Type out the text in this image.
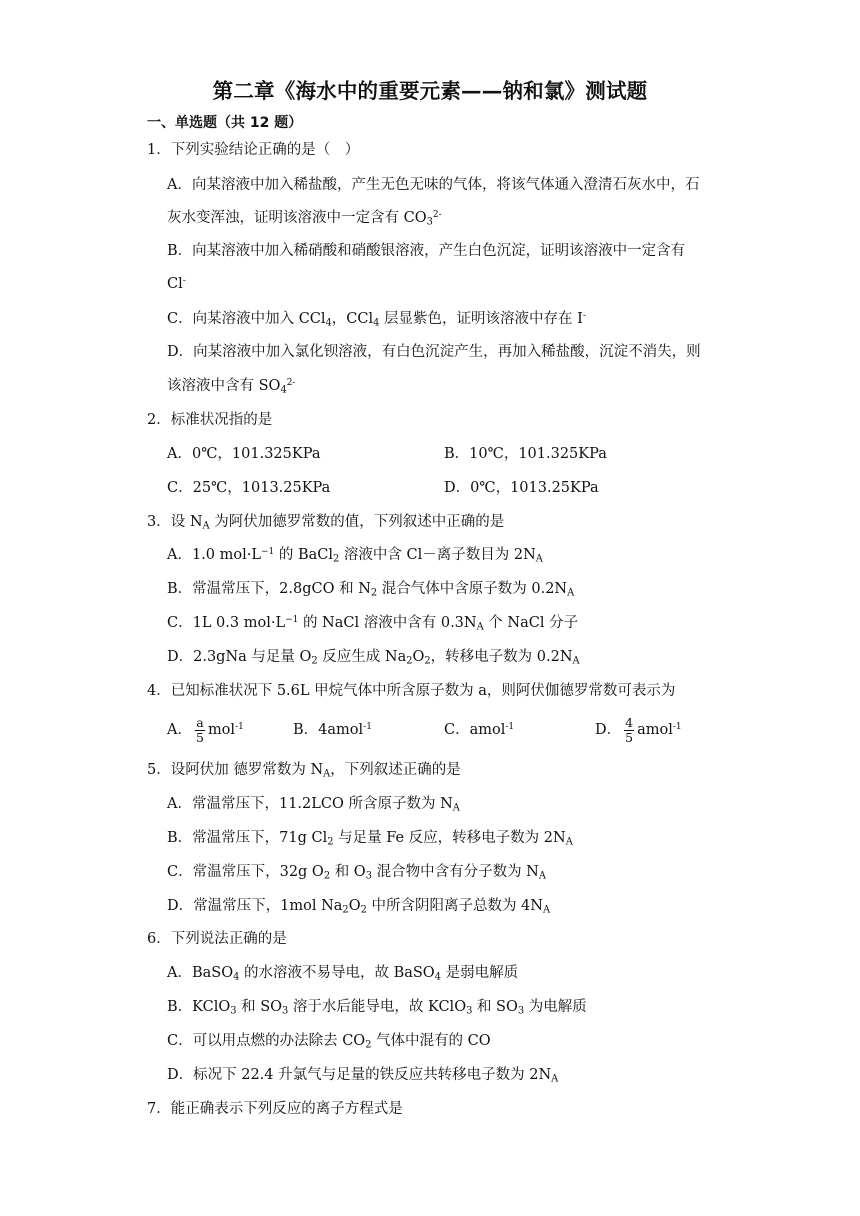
第二章《海水中的重要元素——钠和氯》测试题
一、单选题（共 12 题）
1．下列实验结论正确的是（　）
A．向某溶液中加入稀盐酸，产生无色无味的气体，将该气体通入澄清石灰水中，石
灰水变浑浊，证明该溶液中一定含有 $CO_3^{2-}$
B．向某溶液中加入稀硝酸和硝酸银溶液，产生白色沉淀，证明该溶液中一定含有
Cl-
C．向某溶液中加入 CCl$_4$，CCl$_4$ 层显紫色，证明该溶液中存在 I-
D．向某溶液中加入氯化钡溶液，有白色沉淀产生，再加入稀盐酸，沉淀不消失，则
该溶液中含有 $SO_4^{2-}$
2．标准状况指的是
A．0℃，101.325KPa	B．10℃，101.325KPa
C．25℃，1013.25KPa	D．0℃，1013.25KPa
3．设 $N_A$ 为阿伏加德罗常数的值，下列叙述中正确的是
A．1.0 $mol\cdot L^{-1}$ 的 BaCl$_2$ 溶液中含 Cl－离子数目为 $2N_A$
B．常温常压下，2.8gCO 和 $N_2$ 混合气体中含原子数为 $0.2N_A$
C．1L 0.3 $mol\cdot L^{-1}$ 的 NaCl 溶液中含有 $0.3N_A$ 个 NaCl 分子
D．2.3gNa 与足量 $O_2$ 反应生成 $Na_2O_2$，转移电子数为 $0.2N_A$
4．已知标准状况下 5.6L 甲烷气体中所含原子数为 a，则阿伏伽德罗常数可表示为
A． $\frac{a}{5} mol^{-1}$	B．4amol$^{-1}$	C．amol$^{-1}$	D． $\frac{4}{5}$ amol$^{-1}$
5．设阿伏加 德罗常数为 $N_A$，下列叙述正确的是
A．常温常压下，11.2LCO 所含原子数为 $N_A$
B．常温常压下，71g $Cl_2$ 与足量 Fe 反应，转移电子数为 $2N_A$
C．常温常压下，32g $O_2$ 和 $O_3$ 混合物中含有分子数为 $N_A$
D．常温常压下，1mol $Na_2O_2$ 中所含阴阳离子总数为 $4N_A$
6．下列说法正确的是
A．BaSO$_4$ 的水溶液不易导电，故 BaSO$_4$ 是弱电解质
B．KClO$_3$ 和 $SO_3$ 溶于水后能导电，故 KClO$_3$ 和 $SO_3$ 为电解质
C．可以用点燃的办法除去 $CO_2$ 气体中混有的 CO
D．标况下 22.4 升氯气与足量的铁反应共转移电子数为 $2N_A$
7．能正确表示下列反应的离子方程式是
